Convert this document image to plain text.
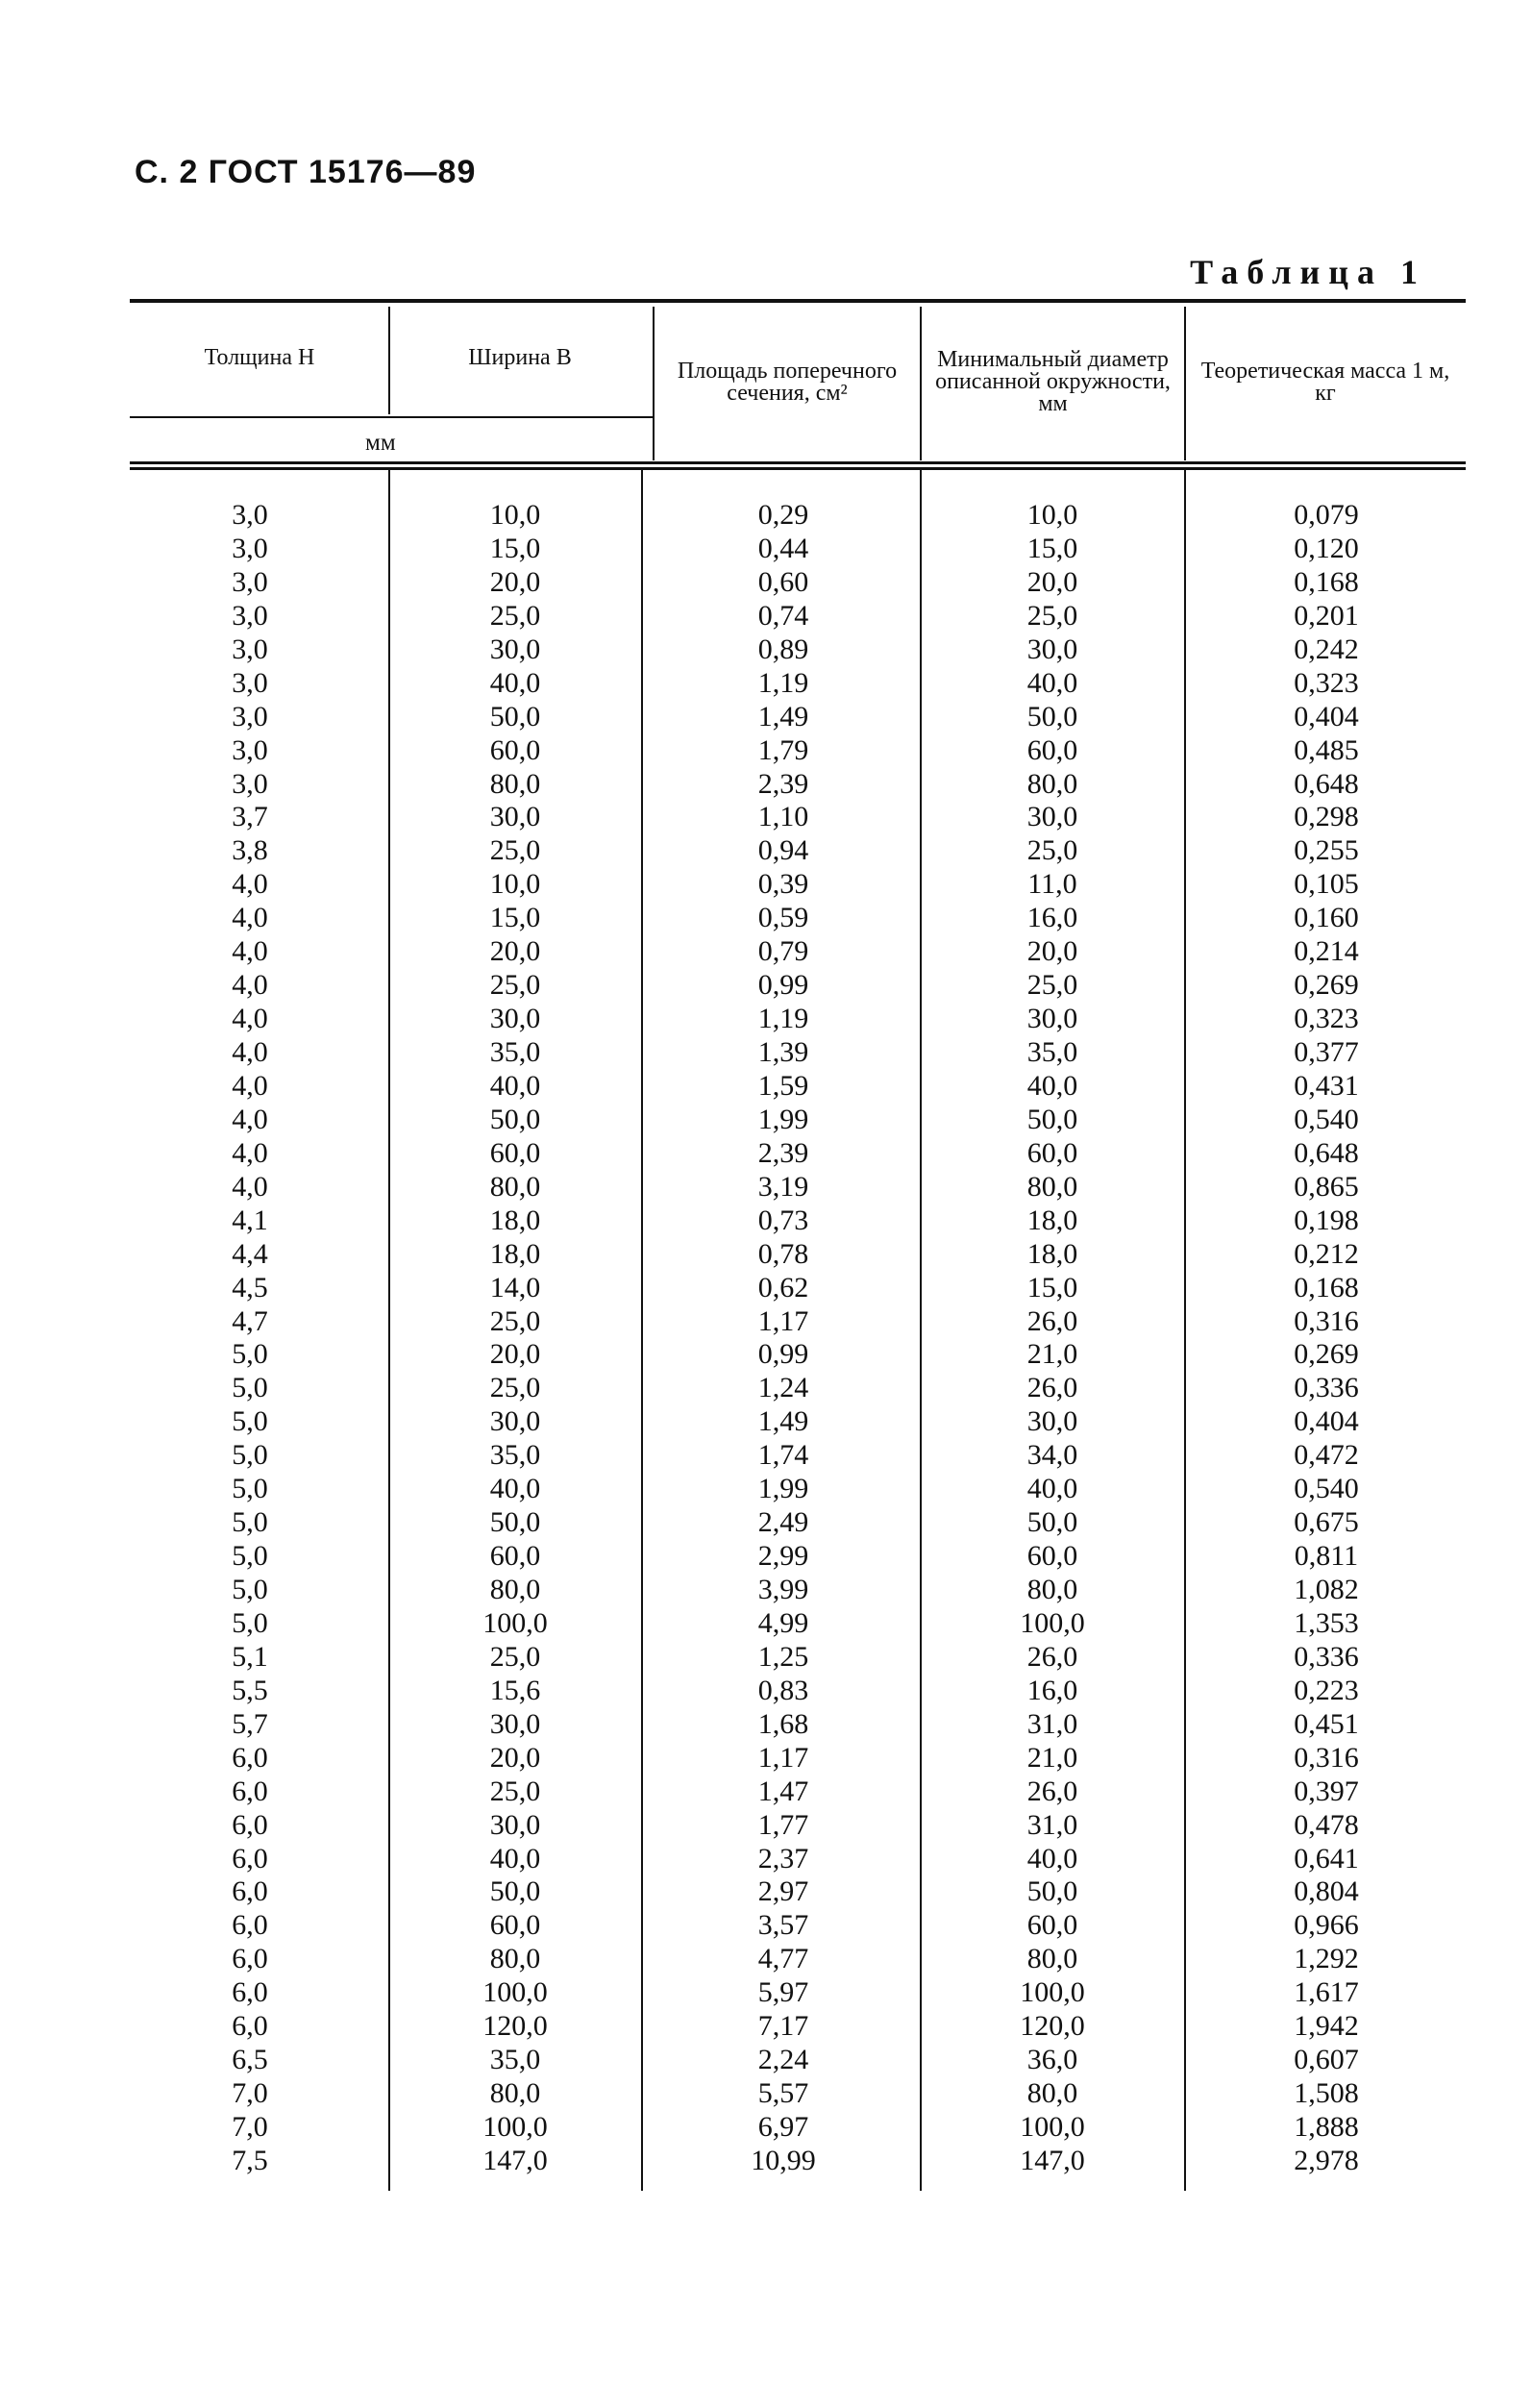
С. 2 ГОСТ 15176—89
Таблица 1
Толщина H	Ширина B
мм
Площадь поперечного сечения, см²
Минимальный диаметр описанной окружности, мм
Теоретическая масса 1 м, кг
3,0	10,0	0,29	10,0	0,079
3,0	15,0	0,44	15,0	0,120
3,0	20,0	0,60	20,0	0,168
3,0	25,0	0,74	25,0	0,201
3,0	30,0	0,89	30,0	0,242
3,0	40,0	1,19	40,0	0,323
3,0	50,0	1,49	50,0	0,404
3,0	60,0	1,79	60,0	0,485
3,0	80,0	2,39	80,0	0,648
3,7	30,0	1,10	30,0	0,298
3,8	25,0	0,94	25,0	0,255
4,0	10,0	0,39	11,0	0,105
4,0	15,0	0,59	16,0	0,160
4,0	20,0	0,79	20,0	0,214
4,0	25,0	0,99	25,0	0,269
4,0	30,0	1,19	30,0	0,323
4,0	35,0	1,39	35,0	0,377
4,0	40,0	1,59	40,0	0,431
4,0	50,0	1,99	50,0	0,540
4,0	60,0	2,39	60,0	0,648
4,0	80,0	3,19	80,0	0,865
4,1	18,0	0,73	18,0	0,198
4,4	18,0	0,78	18,0	0,212
4,5	14,0	0,62	15,0	0,168
4,7	25,0	1,17	26,0	0,316
5,0	20,0	0,99	21,0	0,269
5,0	25,0	1,24	26,0	0,336
5,0	30,0	1,49	30,0	0,404
5,0	35,0	1,74	34,0	0,472
5,0	40,0	1,99	40,0	0,540
5,0	50,0	2,49	50,0	0,675
5,0	60,0	2,99	60,0	0,811
5,0	80,0	3,99	80,0	1,082
5,0	100,0	4,99	100,0	1,353
5,1	25,0	1,25	26,0	0,336
5,5	15,6	0,83	16,0	0,223
5,7	30,0	1,68	31,0	0,451
6,0	20,0	1,17	21,0	0,316
6,0	25,0	1,47	26,0	0,397
6,0	30,0	1,77	31,0	0,478
6,0	40,0	2,37	40,0	0,641
6,0	50,0	2,97	50,0	0,804
6,0	60,0	3,57	60,0	0,966
6,0	80,0	4,77	80,0	1,292
6,0	100,0	5,97	100,0	1,617
6,0	120,0	7,17	120,0	1,942
6,5	35,0	2,24	36,0	0,607
7,0	80,0	5,57	80,0	1,508
7,0	100,0	6,97	100,0	1,888
7,5	147,0	10,99	147,0	2,978
